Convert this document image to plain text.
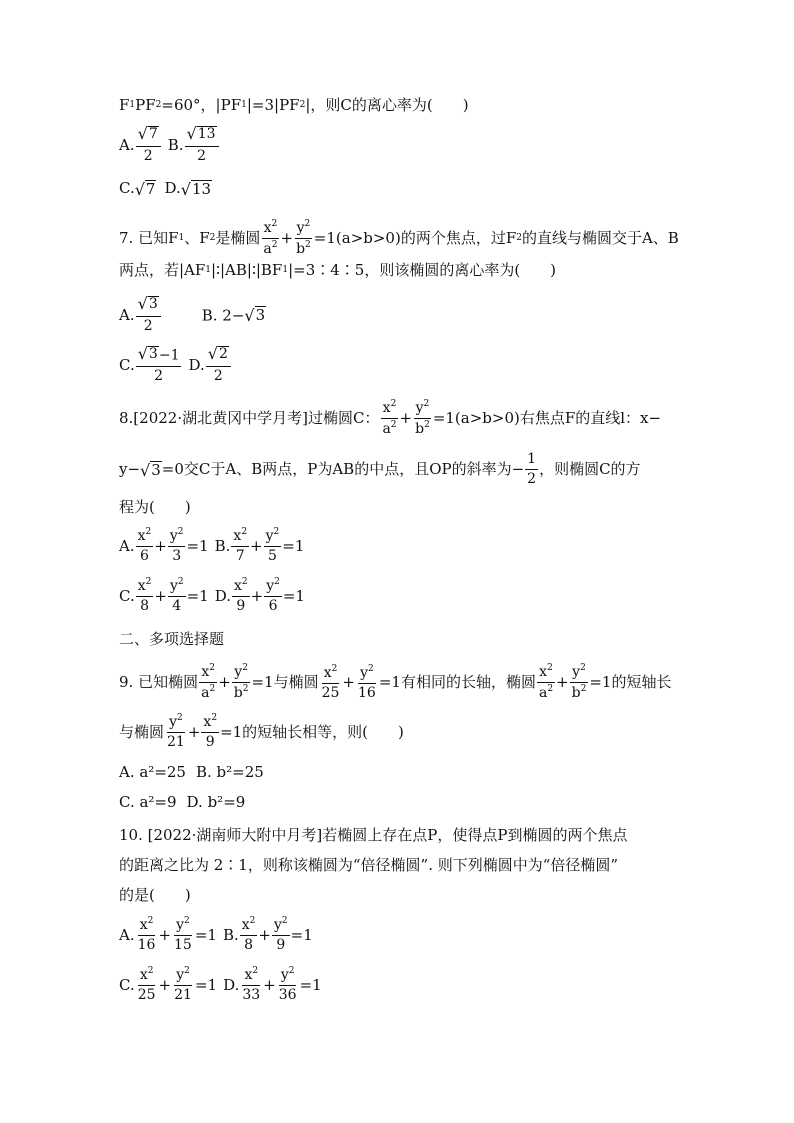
F 1 PF 2 =60°，|PF 1 |=3|PF 2 |，则C的离心率为(　　)
A. $\frac{√ 7}{2} B$. $\frac{√ 13}{2}$
C. √ 7 D. √ 13
7. 已知F 1 、F 2 是椭圆 $\frac{x^2}{a^2} + \frac{y^2}{b^2} =1(a>b>0)$的两个焦点，过F 2 的直线与椭圆交于A、B
两点，若|AF 1 |∶|AB|∶|BF 1 |=3∶4∶5，则该椭圆的离心率为(　　)
A. $\frac{√ 3}{2}$	B. 2− √ 3
C. $\frac{√ 3 -1}{2} D$. $\frac{√ 2}{2}$
8.[2022·湖北黄冈中学月考]过椭圆C： $\frac{x^2}{a^2} + \frac{y^2}{b^2} =1(a>b>0)$右焦点F的直线l：x−
y− √ 3 =0交C于A、B两点，P为AB的中点，且OP的斜率为− $\frac{1}{2}$ ，则椭圆C的方
程为(　　)
A. $\frac{x^2}{6} + \frac{y^2}{3} =1$ B. $\frac{x^2}{7} + \frac{y^2}{5} =1$
C. $\frac{x^2}{8} + \frac{y^2}{4} =1$ D. $\frac{x^2}{9} + \frac{y^2}{6} =1$
二、多项选择题
9. 已知椭圆 $\frac{x^2}{a^2} + \frac{y^2}{b^2} =1$与椭圆 $\frac{x^2}{25} + \frac{y^2}{16} =1$有相同的长轴，椭圆 $\frac{x^2}{a^2} + \frac{y^2}{b^2} =1$的短轴长
与椭圆 $\frac{y^2}{21} + \frac{x^2}{9} =1$的短轴长相等，则(　　)
A. a²=25 B. b²=25
C. a²=9 D. b²=9
10. [2022·湖南师大附中月考]若椭圆上存在点P，使得点P到椭圆的两个焦点
的距离之比为 2∶1，则称该椭圆为“倍径椭圆”. 则下列椭圆中为“倍径椭圆”
的是(　　)
A. $\frac{x^2}{16} + \frac{y^2}{15} =1$ B. $\frac{x^2}{8} + \frac{y^2}{9} =1$
C. $\frac{x^2}{25} + \frac{y^2}{21} =1$ D. $\frac{x^2}{33} + \frac{y^2}{36} =1$
